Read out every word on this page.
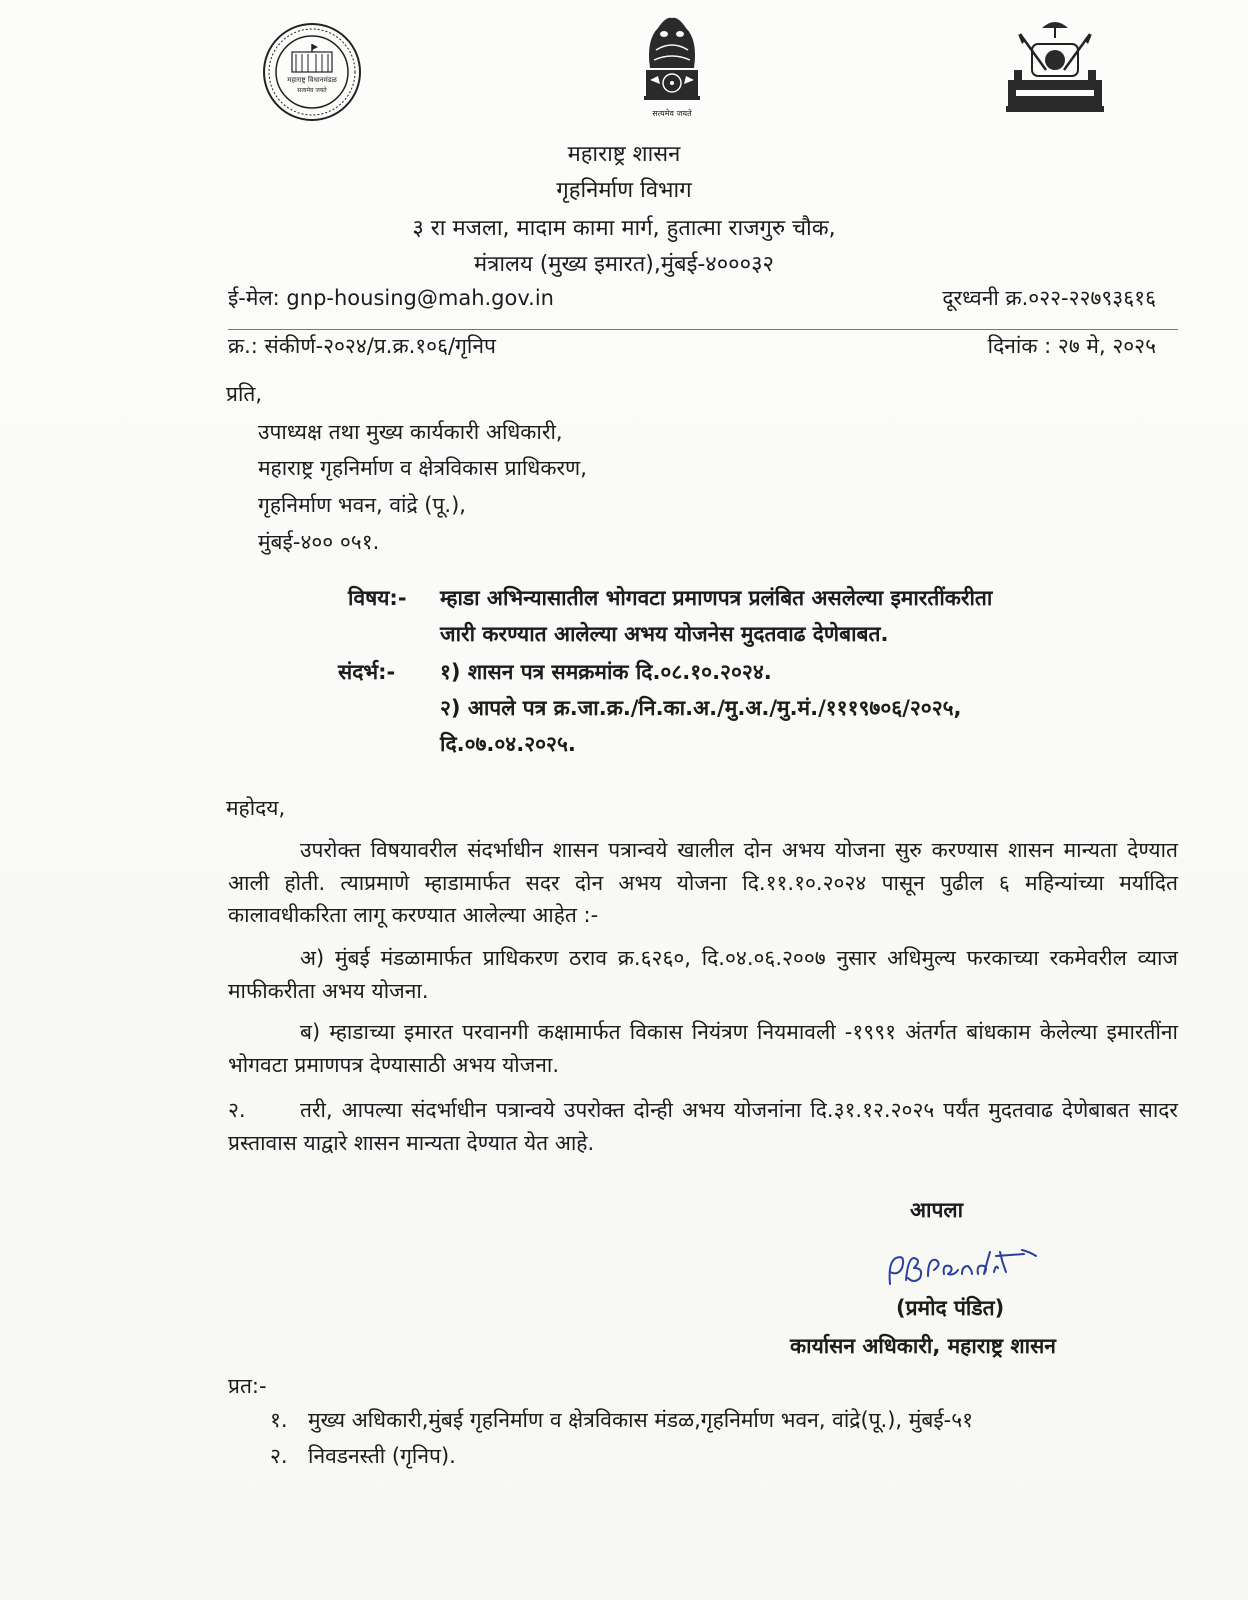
महाराष्ट्र विधानमंडळ
सत्यमेव जयते
सत्यमेव जयते
महाराष्ट्र शासन
गृहनिर्माण विभाग
३ रा मजला, मादाम कामा मार्ग, हुतात्मा राजगुरु चौक,
मंत्रालय (मुख्य इमारत),मुंबई-४०००३२
ई-मेल: gnp-housing@mah.gov.in	दूरध्वनी क्र.०२२-२२७९३६१६
क्र.: संकीर्ण-२०२४/प्र.क्र.१०६/गृनिप	दिनांक : २७ मे, २०२५
प्रति,
उपाध्यक्ष तथा मुख्य कार्यकारी अधिकारी,
महाराष्ट्र गृहनिर्माण व क्षेत्रविकास प्राधिकरण,
गृहनिर्माण भवन, वांद्रे (पू.),
मुंबई-४०० ०५१.
विषय:- म्हाडा अभिन्यासातील भोगवटा प्रमाणपत्र प्रलंबित असलेल्या इमारतींकरीता
जारी करण्यात आलेल्या अभय योजनेस मुदतवाढ देणेबाबत.
संदर्भ:- १) शासन पत्र समक्रमांक दि.०८.१०.२०२४.
२) आपले पत्र क्र.जा.क्र./नि.का.अ./मु.अ./मु.मं./१११९७०६/२०२५,
दि.०७.०४.२०२५.
महोदय,
उपरोक्त विषयावरील संदर्भाधीन शासन पत्रान्वये खालील दोन अभय योजना सुरु करण्यास शासन मान्यता देण्यात आली होती. त्याप्रमाणे म्हाडामार्फत सदर दोन अभय योजना दि.११.१०.२०२४ पासून पुढील ६ महिन्यांच्या मर्यादित कालावधीकरिता लागू करण्यात आलेल्या आहेत :-
अ) मुंबई मंडळामार्फत प्राधिकरण ठराव क्र.६२६०, दि.०४.०६.२००७ नुसार अधिमुल्य फरकाच्या रकमेवरील व्याज माफीकरीता अभय योजना.
ब) म्हाडाच्या इमारत परवानगी कक्षामार्फत विकास नियंत्रण नियमावली -१९९१ अंतर्गत बांधकाम केलेल्या इमारतींना भोगवटा प्रमाणपत्र देण्यासाठी अभय योजना.
२.	तरी, आपल्या संदर्भाधीन पत्रान्वये उपरोक्त दोन्ही अभय योजनांना दि.३१.१२.२०२५ पर्यंत मुदतवाढ देणेबाबत सादर प्रस्तावास याद्वारे शासन मान्यता देण्यात येत आहे.
आपला
(प्रमोद पंडित)
कार्यासन अधिकारी, महाराष्ट्र शासन
प्रत:-
१. मुख्य अधिकारी,मुंबई गृहनिर्माण व क्षेत्रविकास मंडळ,गृहनिर्माण भवन, वांद्रे(पू.), मुंबई-५१
२. निवडनस्ती (गृनिप).
